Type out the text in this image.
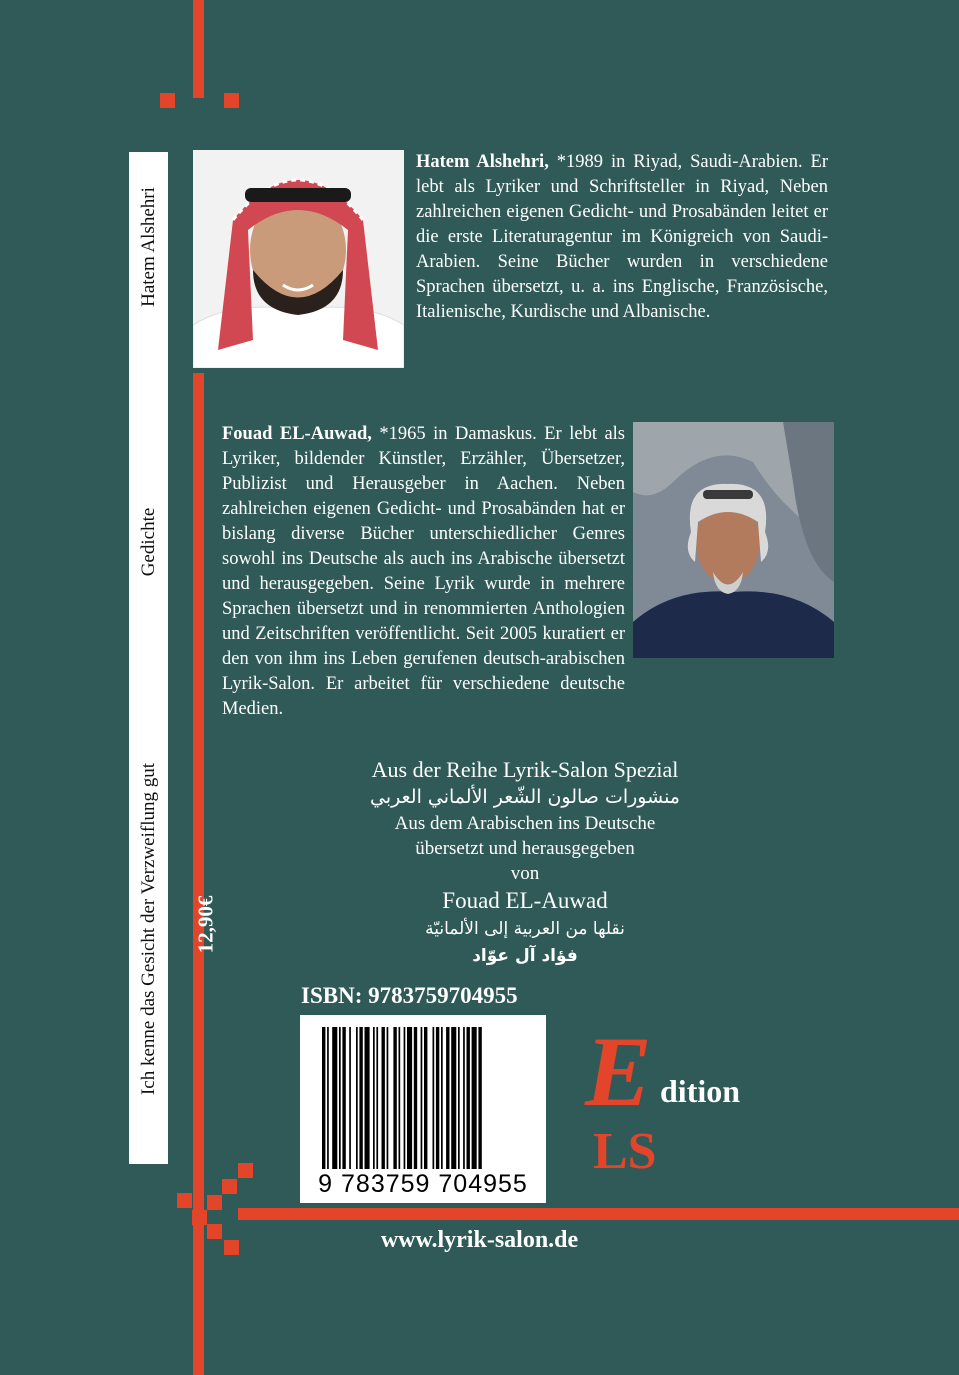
Hatem Alshehri
Gedichte
Ich kenne das Gesicht der Verzweiflung gut 12,90€
Hatem Alshehri, *1989 in Riyad, Saudi-Arabien. Er lebt als Lyriker und Schriftsteller in Riyad, Neben zahlreichen eigenen Gedicht- und Prosabänden leitet er die erste Literaturagentur im Königreich von Saudi-Arabien. Seine Bücher wurden in verschiedene Sprachen übersetzt, u. a. ins Englische, Französische, Italienische, Kurdische und Albanische.
Fouad EL-Auwad, *1965 in Damaskus. Er lebt als Lyriker, bildender Künstler, Erzähler, Übersetzer, Publizist und Herausgeber in Aachen. Neben zahlreichen eigenen Gedicht- und Prosabänden hat er bislang diverse Bücher unterschiedlicher Genres sowohl ins Deutsche als auch ins Arabische übersetzt und herausgegeben. Seine Lyrik wurde in mehrere Sprachen übersetzt und in renommierten Anthologien und Zeitschriften veröffentlicht. Seit 2005 kuratiert er den von ihm ins Leben gerufenen deutsch-arabischen Lyrik-Salon. Er arbeitet für verschiedene deutsche Medien.
Aus der Reihe Lyrik-Salon Spezial
منشورات صالون الشّعر الألماني العربي
Aus dem Arabischen ins Deutsche
übersetzt und herausgegeben
von
Fouad EL-Auwad
نقلها من العربية إلى الألمانيّة
فؤاد آل عوّاد
ISBN: 9783759704955
9 783759 704955
E dition
LS
www.lyrik-salon.de
